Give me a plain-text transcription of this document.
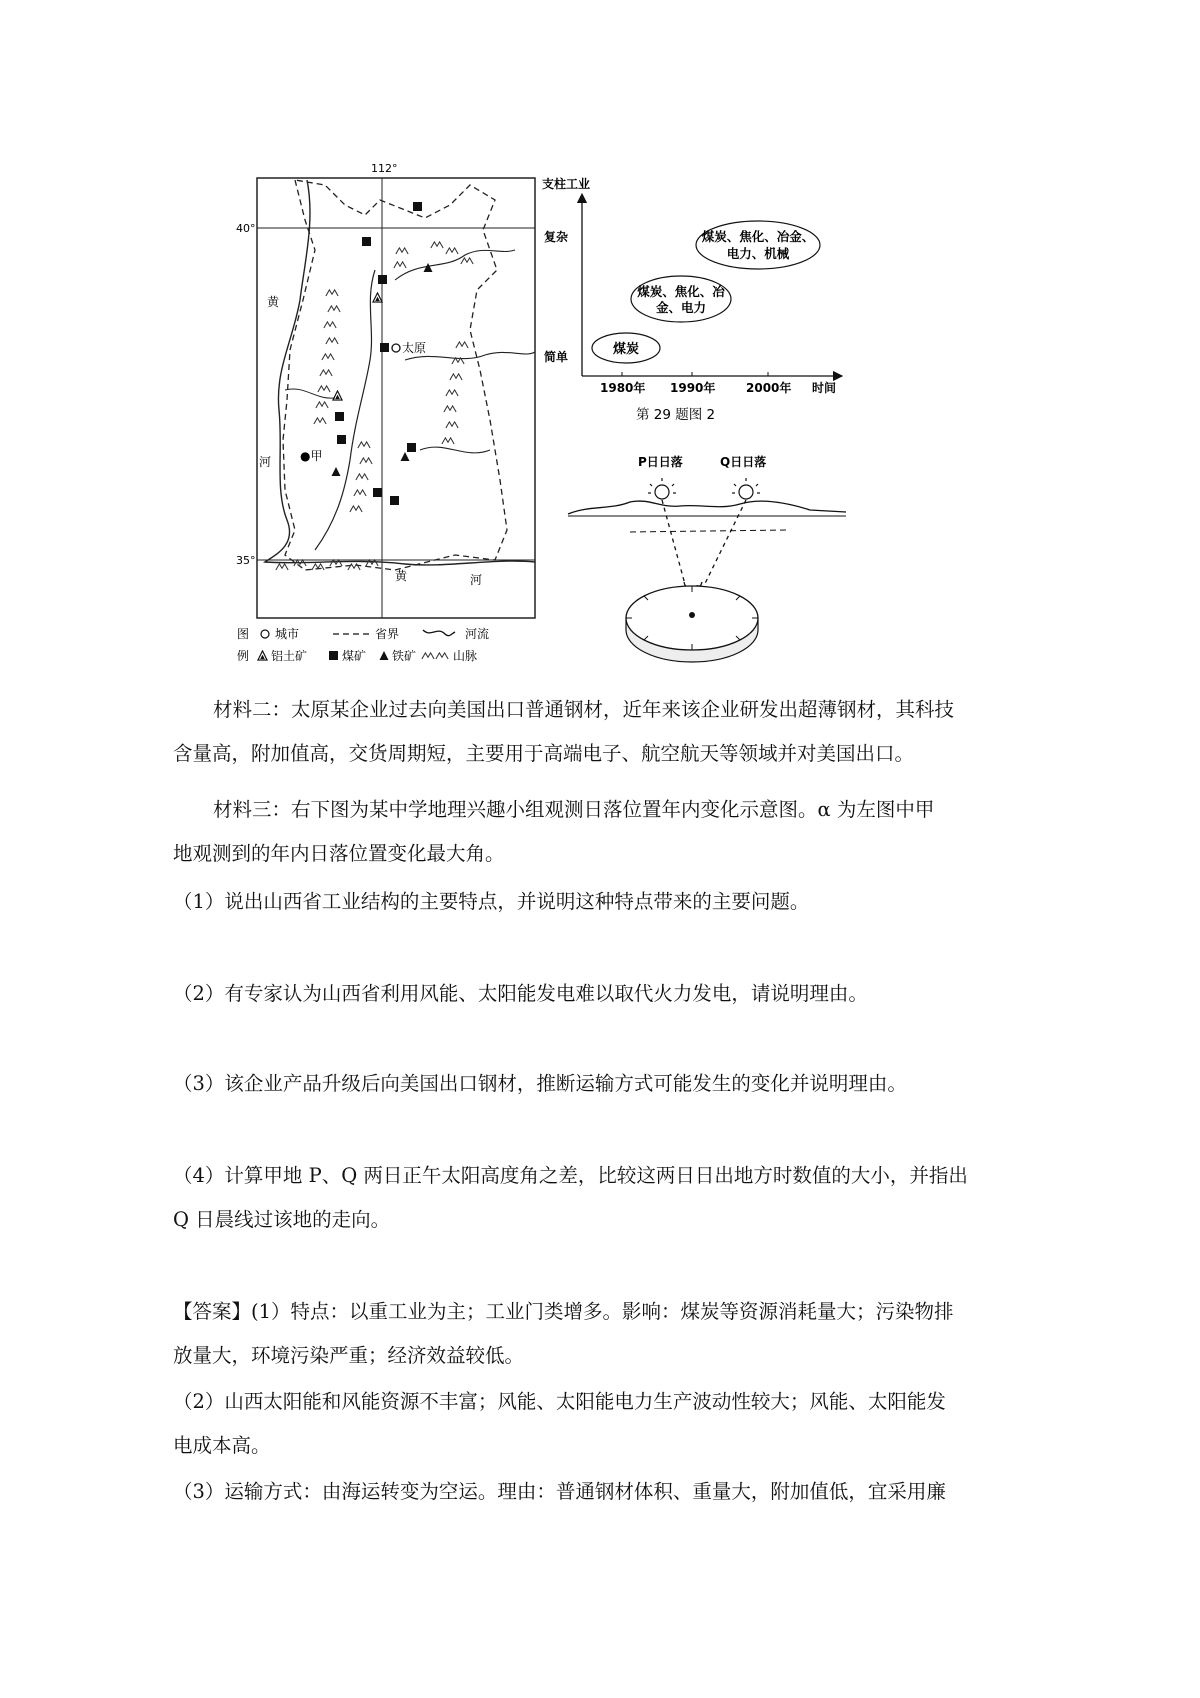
112°
40°
35°
太原
●甲
黄
河
黄	河
图
例
城市	省界	河流
铝土矿	煤矿 铁矿	山脉
支柱工业
复杂
简单
1980年 1990年	2000年 时间
煤炭
煤炭、焦化、冶
金、电力
煤炭、焦化、冶金、
电力、机械
第 29 题图 2
P日日落	Q日日落

材料二：太原某企业过去向美国出口普通钢材，近年来该企业研发出超薄钢材，其科技
含量高，附加值高，交货周期短，主要用于高端电子、航空航天等领域并对美国出口。

材料三：右下图为某中学地理兴趣小组观测日落位置年内变化示意图。α 为左图中甲
地观测到的年内日落位置变化最大角。

（1）说出山西省工业结构的主要特点，并说明这种特点带来的主要问题。

（2）有专家认为山西省利用风能、太阳能发电难以取代火力发电，请说明理由。

（3）该企业产品升级后向美国出口钢材，推断运输方式可能发生的变化并说明理由。

（4）计算甲地 P、Q 两日正午太阳高度角之差，比较这两日日出地方时数值的大小，并指出
Q 日晨线过该地的走向。

【答案】(1）特点：以重工业为主；工业门类增多。影响：煤炭等资源消耗量大；污染物排
放量大，环境污染严重；经济效益较低。

（2）山西太阳能和风能资源不丰富；风能、太阳能电力生产波动性较大；风能、太阳能发
电成本高。

（3）运输方式：由海运转变为空运。理由：普通钢材体积、重量大，附加值低，宜采用廉
